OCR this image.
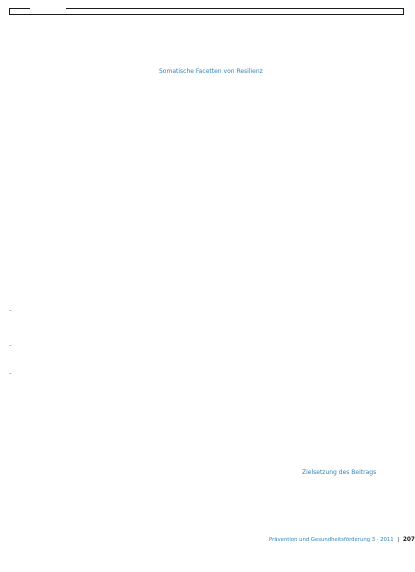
–
–
–
Somatische Facetten von Resilienz
Zielsetzung des Beitrags
Prävention und Gesundheitsförderung 3 · 2011 | 207
